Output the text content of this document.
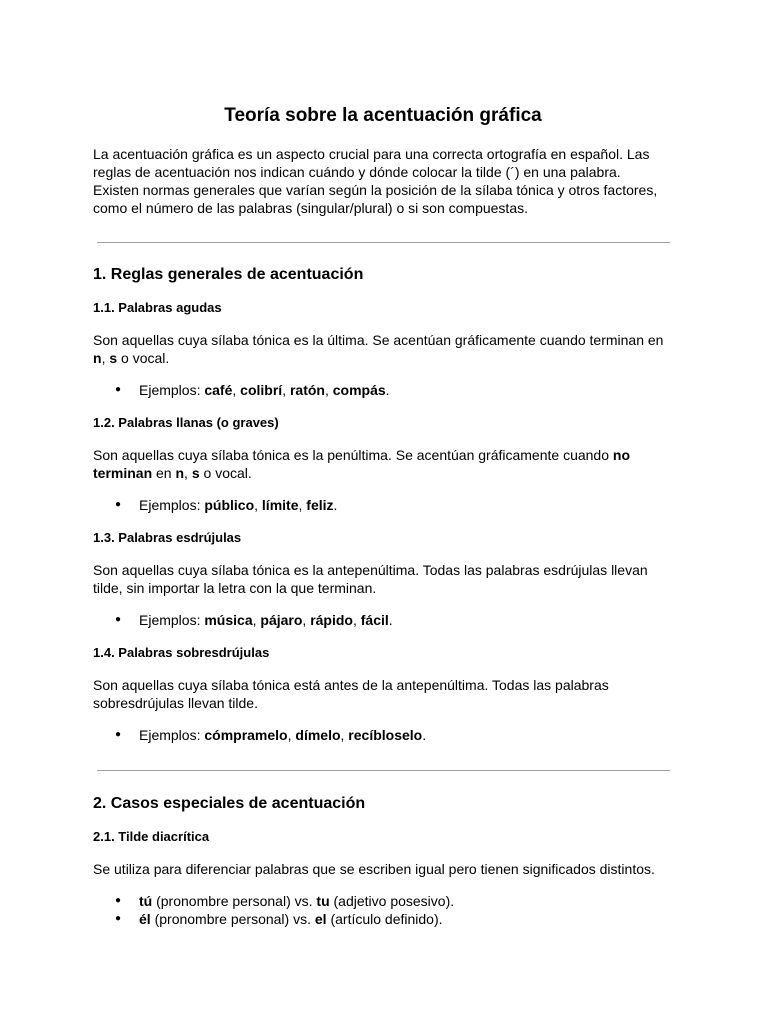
Teoría sobre la acentuación gráfica
La acentuación gráfica es un aspecto crucial para una correcta ortografía en español. Las
reglas de acentuación nos indican cuándo y dónde colocar la tilde (´) en una palabra.
Existen normas generales que varían según la posición de la sílaba tónica y otros factores,
como el número de las palabras (singular/plural) o si son compuestas.
1. Reglas generales de acentuación
1.1. Palabras agudas
Son aquellas cuya sílaba tónica es la última. Se acentúan gráficamente cuando terminan en
n, s o vocal.
● Ejemplos: café, colibrí, ratón, compás.
1.2. Palabras llanas (o graves)
Son aquellas cuya sílaba tónica es la penúltima. Se acentúan gráficamente cuando no
terminan en n, s o vocal.
● Ejemplos: público, límite, feliz.
1.3. Palabras esdrújulas
Son aquellas cuya sílaba tónica es la antepenúltima. Todas las palabras esdrújulas llevan
tilde, sin importar la letra con la que terminan.
● Ejemplos: música, pájaro, rápido, fácil.
1.4. Palabras sobresdrújulas
Son aquellas cuya sílaba tónica está antes de la antepenúltima. Todas las palabras
sobresdrújulas llevan tilde.
● Ejemplos: cómpramelo, dímelo, recíbloselo.
2. Casos especiales de acentuación
2.1. Tilde diacrítica

Se utiliza para diferenciar palabras que se escriben igual pero tienen significados distintos.

● tú (pronombre personal) vs. tu (adjetivo posesivo).
● él (pronombre personal) vs. el (artículo definido).
